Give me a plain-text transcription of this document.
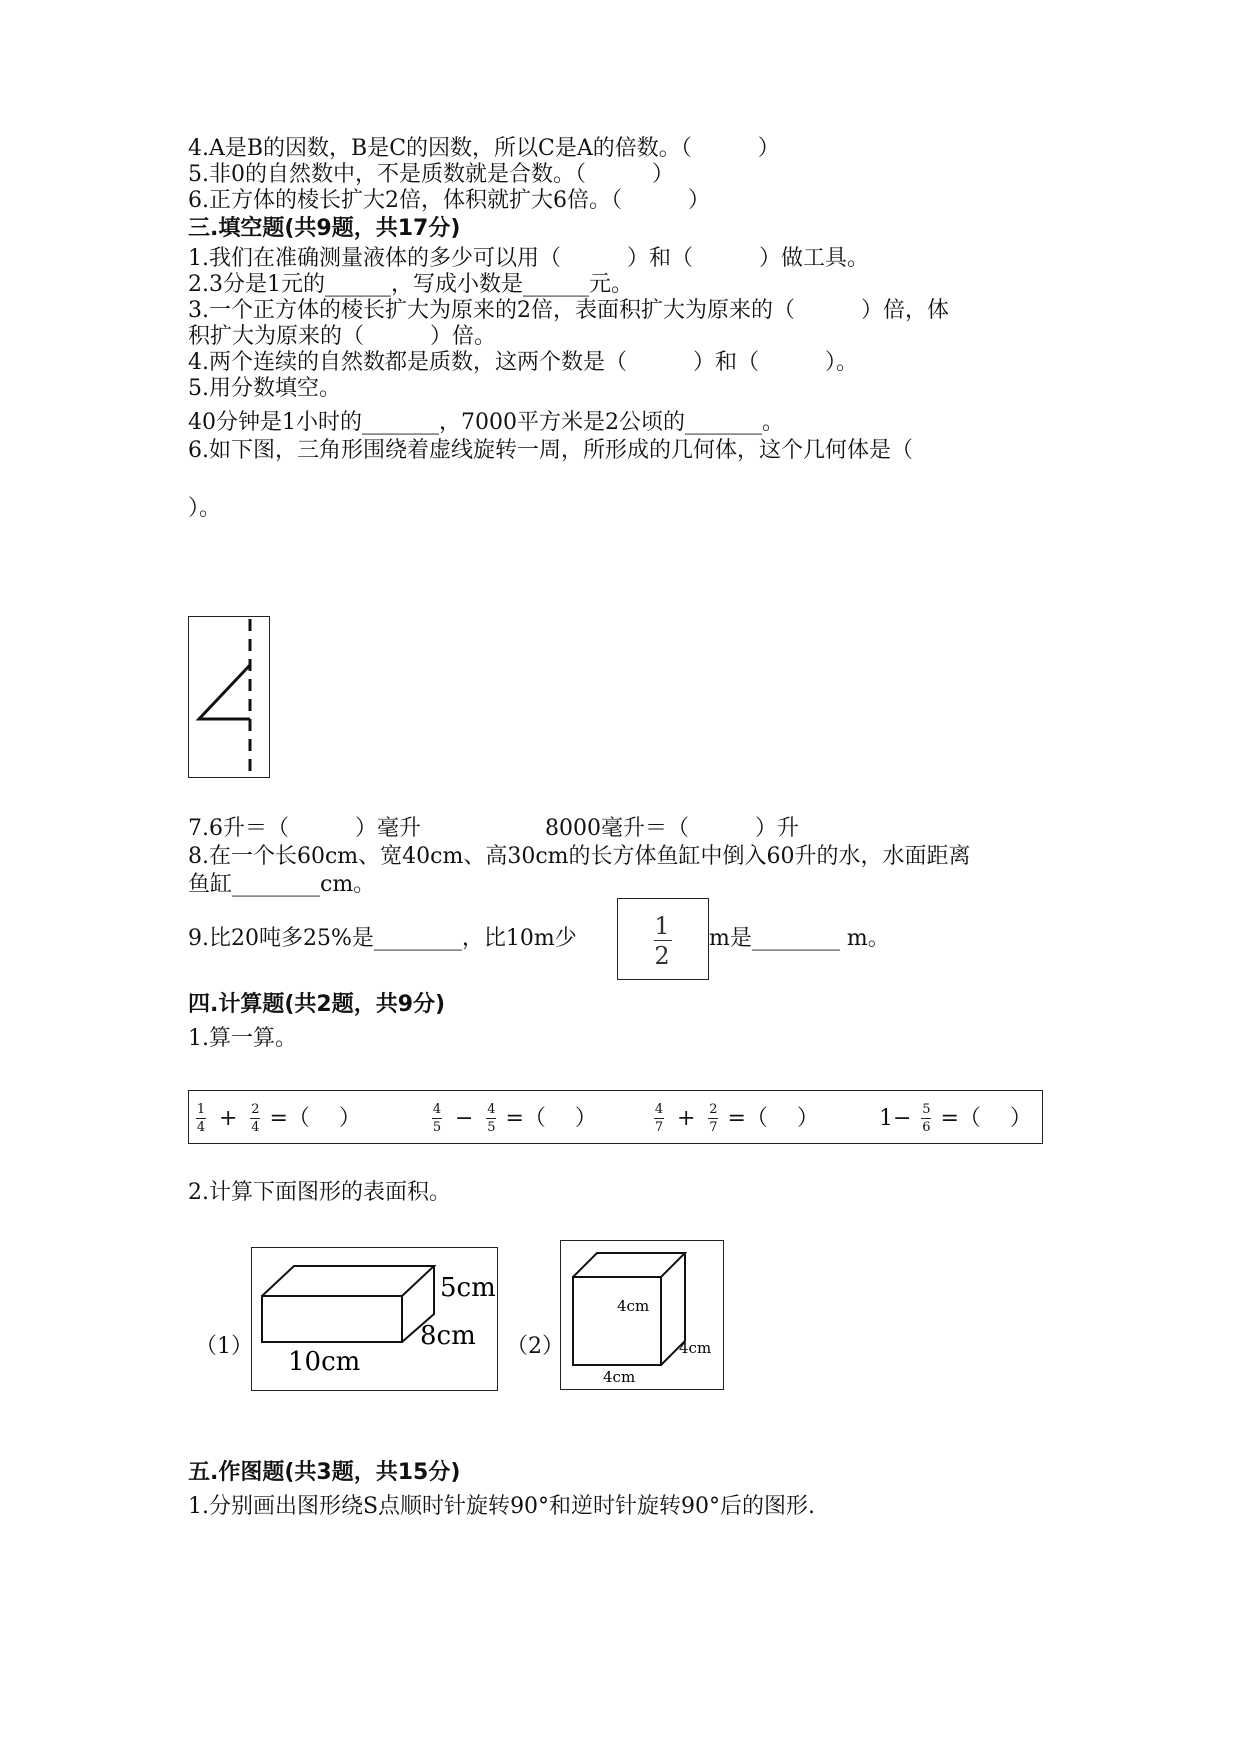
4.A是B的因数，B是C的因数，所以C是A的倍数。（　　　）
5.非0的自然数中，不是质数就是合数。（　　　）
6.正方体的棱长扩大2倍，体积就扩大6倍。（　　　）
三.填空题(共9题，共17分)
1.我们在准确测量液体的多少可以用（　　　）和（　　　）做工具。
2.3分是1元的______，写成小数是______元。
3.一个正方体的棱长扩大为原来的2倍，表面积扩大为原来的（　　　）倍，体
积扩大为原来的（　　　）倍。
4.两个连续的自然数都是质数，这两个数是（　　　）和（　　　）。
5.用分数填空。
40分钟是1小时的_______，7000平方米是2公顷的_______。
6.如下图，三角形围绕着虚线旋转一周，所形成的几何体，这个几何体是（
）。
7.6升＝（　　　）毫升	8000毫升＝（　　　）升
8.在一个长60cm、宽40cm、高30cm的长方体鱼缸中倒入60升的水，水面距离
鱼缸________cm。
9.比20吨多25%是________，比10m少	1
2
m是________ m。
四.计算题(共2题，共9分)
1.算一算。
$\frac{1}{4} + \frac{2}{4}$ =（　 ）	$\frac{4}{5} - \frac{4}{5}$ =（　 ）	$\frac{4}{7} + \frac{2}{7}$ =（　 ）	$1- \frac{5}{6}$ =（　 ）
2.计算下面图形的表面积。
（1）
5cm
8cm
10cm
（2）
4cm
4cm
4cm
五.作图题(共3题，共15分)
1.分别画出图形绕S点顺时针旋转90°和逆时针旋转90°后的图形.
